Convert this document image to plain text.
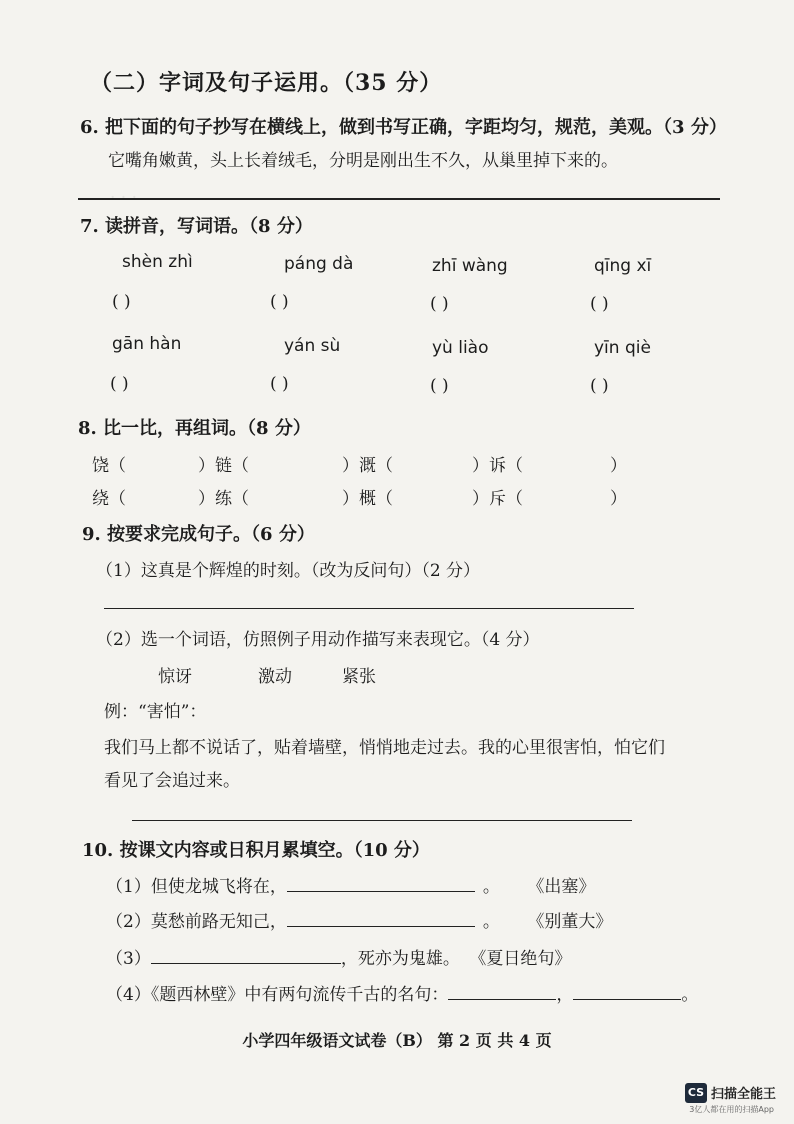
· · ·
（二）字词及句子运用。（35 分）
6. 把下面的句子抄写在横线上，做到书写正确，字距均匀，规范，美观。（3 分）
它嘴角嫩黄，头上长着绒毛，分明是刚出生不久，从巢里掉下来的。
7. 读拼音，写词语。（8 分）
shèn zhì	páng dà	zhī wàng	qīng xī
( )	( )	( )	( )
gān hàn	yán sù	yù liào	yīn qiè
( )	( )	( )	( )
8. 比一比，再组词。（8 分）
饶（	）链（	）溉（	）诉（	）
绕（	）练（	）概（	）斥（	）
9. 按要求完成句子。（6 分）
（1）这真是个辉煌的时刻。（改为反问句）（2 分）
（2）选一个词语，仿照例子用动作描写来表现它。（4 分）
惊讶	激动	紧张
例：“害怕”：
我们马上都不说话了，贴着墙壁，悄悄地走过去。我的心里很害怕，怕它们
看见了会追过来。
10. 按课文内容或日积月累填空。（10 分）
（1）但使龙城飞将在，	。 《出塞》
（2）莫愁前路无知己，	。 《别董大》
（3）	，死亦为鬼雄。 《夏日绝句》
（4）《题西林壁》中有两句流传千古的名句：	，	。
小学四年级语文试卷（B） 第 2 页 共 4 页
CS 扫描全能王
3亿人都在用的扫描App
